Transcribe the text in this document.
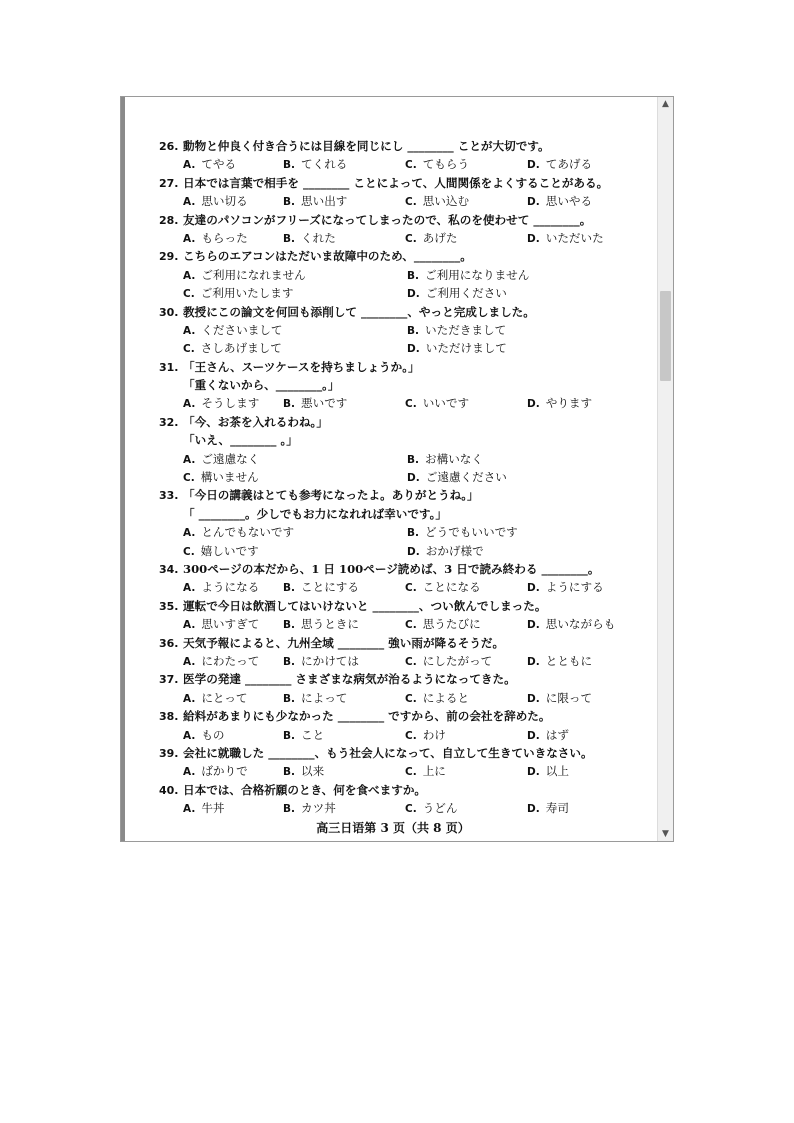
26. 動物と仲良く付き合うには目線を同じにし ________ ことが大切です。
A. てやる	B. てくれる	C. てもらう	D. てあげる
27. 日本では言葉で相手を ________ ことによって、人間関係をよくすることがある。
A. 思い切る	B. 思い出す	C. 思い込む	D. 思いやる
28. 友達のパソコンがフリーズになってしまったので、私のを使わせて ________。
A. もらった	B. くれた	C. あげた	D. いただいた
29. こちらのエアコンはただいま故障中のため、________。
A. ご利用になれません	B. ご利用になりません
C. ご利用いたします	D. ご利用ください
30. 教授にこの論文を何回も添削して ________、やっと完成しました。
A. くださいまして	B. いただきまして
C. さしあげまして	D. いただけまして
31. 「王さん、スーツケースを持ちましょうか。」
「重くないから、________。」
A. そうします B. 悪いです	C. いいです	D. やります
32. 「今、お茶を入れるわね。」
「いえ、________ 。」
A. ご遠慮なく	B. お構いなく
C. 構いません	D. ご遠慮ください
33. 「今日の講義はとても参考になったよ。ありがとうね。」
「 ________。少しでもお力になれれば幸いです。」
A. とんでもないです	B. どうでもいいです
C. 嬉しいです	D. おかげ様で
34. 300ページの本だから、1 日 100ページ読めば、3 日で読み終わる ________。
A. ようになる B. ことにする	C. ことになる	D. ようにする
35. 運転で今日は飲酒してはいけないと ________、つい飲んでしまった。
A. 思いすぎて B. 思うときに	C. 思うたびに	D. 思いながらも
36. 天気予報によると、九州全域 ________ 強い雨が降るそうだ。
A. にわたって B. にかけては	C. にしたがって	D. とともに
37. 医学の発達 ________ さまざまな病気が治るようになってきた。
A. にとって	B. によって	C. によると	D. に限って
38. 給料があまりにも少なかった ________ ですから、前の会社を辞めた。
A. もの	B. こと	C. わけ	D. はず
39. 会社に就職した ________、もう社会人になって、自立して生きていきなさい。
A. ばかりで	B. 以来	C. 上に	D. 以上
40. 日本では、合格祈願のとき、何を食べますか。
A. 牛丼	B. カツ丼	C. うどん	D. 寿司
高三日语第 3 页（共 8 页）
▲
▼
